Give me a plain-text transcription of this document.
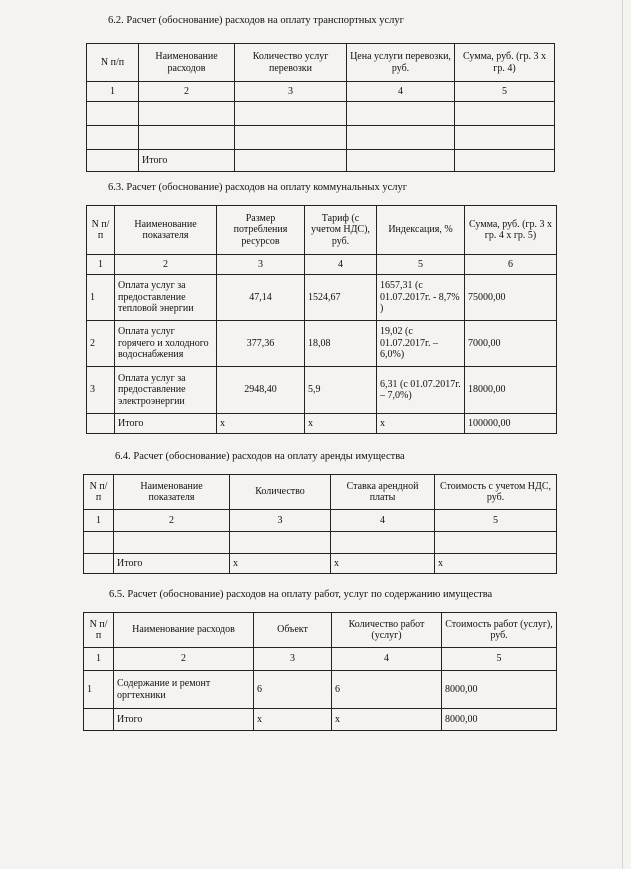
6.2. Расчет (обоснование) расходов на оплату транспортных услуг
N п/п	Наименование расходов	Количество услуг перевозки	Цена услуги перевозки, руб.	Сумма, руб. (гр. 3 х гр. 4)
1	2	3	4	5

	Итого			
6.3. Расчет (обоснование) расходов на оплату коммунальных услуг
N п/п	Наименование показателя	Размер потребления ресурсов	Тариф (с учетом НДС), руб.	Индексация, %	Сумма, руб. (гр. 3 х гр. 4 х гр. 5)
1	2	3	4	5	6
1	Оплата услуг за предоставление тепловой энергии	47,14	1524,67	1657,31 (с 01.07.2017г. - 8,7% )	75000,00
2	Оплата услуг горячего и холодного водоснабжения	377,36	18,08	19,02 (с 01.07.2017г. – 6,0%)	7000,00
3	Оплата услуг за предоставление электроэнергии	2948,40	5,9	6,31 (с 01.07.2017г. – 7,0%)	18000,00
	Итого	х	х	х	100000,00
6.4. Расчет (обоснование) расходов на оплату аренды имущества
N п/п	Наименование показателя	Количество	Ставка арендной платы	Стоимость с учетом НДС, руб.
1	2	3	4	5

	Итого	х	х	х
6.5. Расчет (обоснование) расходов на оплату работ, услуг по содержанию имущества
N п/п	Наименование расходов	Объект	Количество работ (услуг)	Стоимость работ (услуг), руб.
1	2	3	4	5
1	Содержание и ремонт оргтехники	6	6	8000,00
	Итого	х	х	8000,00
